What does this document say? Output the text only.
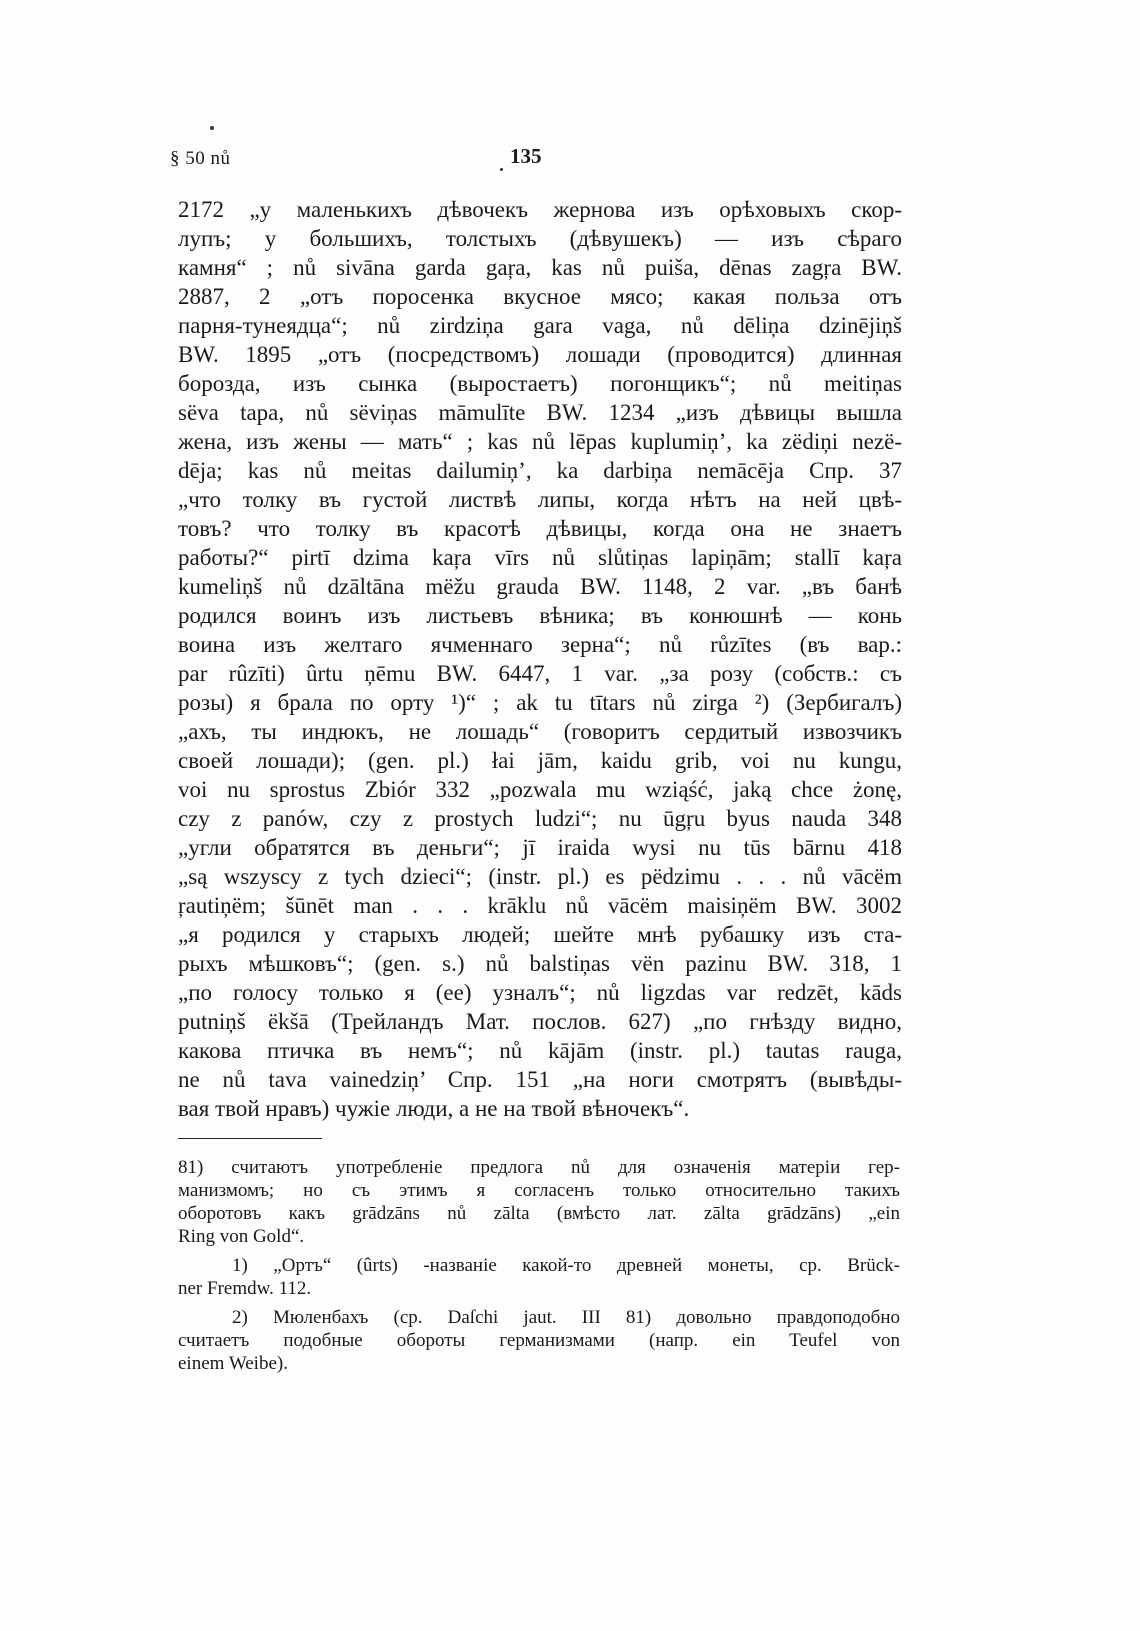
§ 50 nů	135
2172 „у маленькихъ дѣвочекъ жернова изъ орѣховыхъ скор-
лупъ; у большихъ, толстыхъ (дѣвушекъ) — изъ сѣраго
камня“ ; nů sivāna garda gaŗa, kas nů puiša, dēnas zagŗa BW.
2887, 2 „отъ поросенка вкусное мясо; какая польза отъ
парня-тунеядца“; nů zirdziņa gara vaga, nů dēliņa dzinējiņš
BW. 1895 „отъ (посредствомъ) лошади (проводится) длинная
борозда, изъ сынка (выростаетъ) погонщикъ“; nů meitiņas
sëva tapa, nů sëviņas māmulīte BW. 1234 „изъ дѣвицы вышла
жена, изъ жены — мать“ ; kas nů lēpas kuplumiņ’, ka zëdiņi nezë-
dēja; kas nů meitas dailumiņ’, ka darbiņa nemācēja Спр. 37
„что толку въ густой листвѣ липы, когда нѣтъ на ней цвѣ-
товъ? что толку въ красотѣ дѣвицы, когда она не знаетъ
работы?“ pirtī dzima kaŗa vīrs nů slůtiņas lapiņām; stallī kaŗa
kumeliņš nů dzāltāna mëžu grauda BW. 1148, 2 var. „въ банѣ
родился воинъ изъ листьевъ вѣника; въ конюшнѣ — конь
воина изъ желтаго ячменнаго зерна“; nů růzītes (въ вар.:
par rûzīti) ûrtu ņēmu BW. 6447, 1 var. „за розу (собств.: съ
розы) я брала по орту ¹)“ ; ak tu tītars nů zirga ²) (Зербигалъ)
„ахъ, ты индюкъ, не лошадь“ (говоритъ сердитый извозчикъ
своей лошади); (gen. pl.) łai jām, kaidu grib, voi nu kungu,
voi nu sprostus Zbiór 332 „pozwala mu wziąść, jaką chce żonę,
czy z panów, czy z prostych ludzi“; nu ūgŗu byus nauda 348
„угли обратятся въ деньги“; jī iraida wysi nu tūs bārnu 418
„są wszyscy z tych dzieci“; (instr. pl.) es pëdzimu . . . nů vācëm
ŗautiņëm; šūnēt man . . . krāklu nů vācëm maisiņëm BW. 3002
„я родился у старыхъ людей; шейте мнѣ рубашку изъ ста-
рыхъ мѣшковъ“; (gen. s.) nů balstiņas vën pazinu BW. 318, 1
„по голосу только я (ее) узналъ“; nů ligzdas var redzēt, kāds
putniņš ëkšā (Трейландъ Мат. послов. 627) „по гнѣзду видно,
какова птичка въ немъ“; nů kājām (instr. pl.) tautas rauga,
ne nů tava vainedziņ’ Спр. 151 „на ноги смотрятъ (вывѣды-
вая твой нравъ) чужіе люди, а не на твой вѣночекъ“.
81) считаютъ употребленіе предлога nů для означенія матеріи гер-
манизмомъ; но съ этимъ я согласенъ только относительно такихъ
оборотовъ какъ grādzāns nů zālta (вмѣсто лат. zālta grādzāns) „ein
Ring von Gold“.
1) „Ортъ“ (ûrts) -названіе какой-то древней монеты, ср. Brück-
ner Fremdw. 112.
2) Мюленбахъ (ср. Daſchi jaut. III 81) довольно правдоподобно
считаетъ подобные обороты германизмами (напр. ein Teufel von
einem Weibe).
